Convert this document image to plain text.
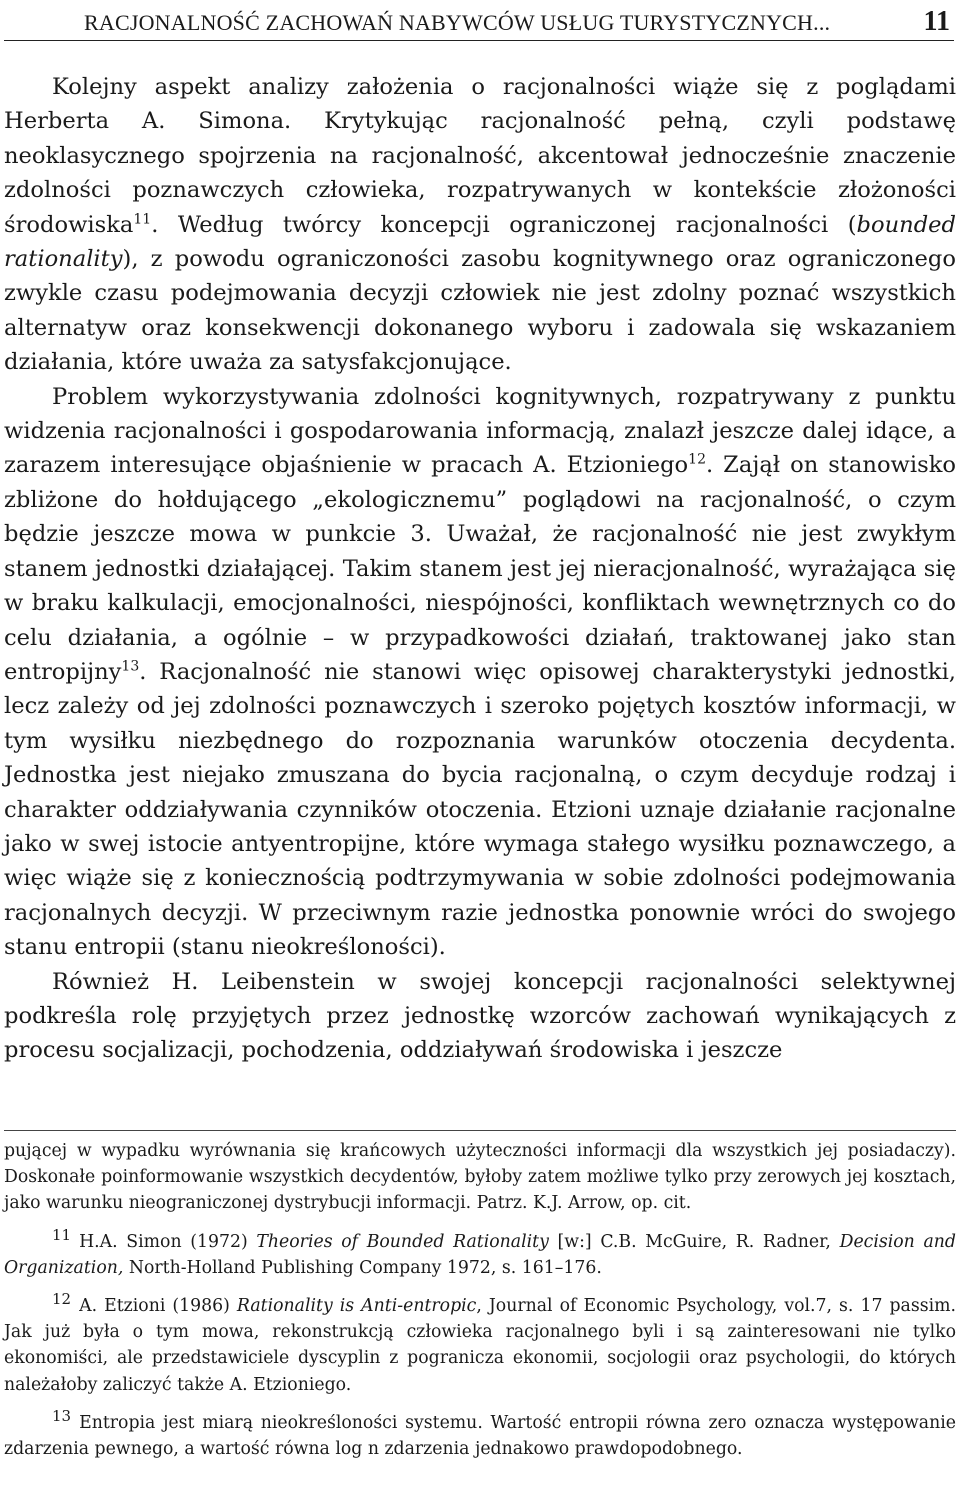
RACJONALNOŚĆ ZACHOWAŃ NABYWCÓW USŁUG TURYSTYCZNYCH...	11

Kolejny aspekt analizy założenia o racjonalności wiąże się z poglądami Herberta A. Simona. Krytykując racjonalność pełną, czyli podstawę neoklasycznego spojrzenia na racjonalność, akcentował jednocześnie znaczenie zdolności poznawczych człowieka, rozpatrywanych w kontekście złożoności środowiska$^{11}$. Według twórcy koncepcji ograniczonej racjonalności (bounded rationality), z powodu ograniczoności zasobu kognitywnego oraz ograniczonego zwykle czasu podejmowania decyzji człowiek nie jest zdolny poznać wszystkich alternatyw oraz konsekwencji dokonanego wyboru i zadowala się wskazaniem działania, które uważa za satysfakcjonujące.

Problem wykorzystywania zdolności kognitywnych, rozpatrywany z punktu widzenia racjonalności i gospodarowania informacją, znalazł jeszcze dalej idące, a zarazem interesujące objaśnienie w pracach A. Etzioniego$^{12}$. Zajął on stanowisko zbliżone do hołdującego „ekologicznemu” poglądowi na racjonalność, o czym będzie jeszcze mowa w punkcie 3. Uważał, że racjonalność nie jest zwykłym stanem jednostki działającej. Takim stanem jest jej nieracjonalność, wyrażająca się w braku kalkulacji, emocjonalności, niespójności, konfliktach wewnętrznych co do celu działania, a ogólnie – w przypadkowości działań, traktowanej jako stan entropijny$^{13}$. Racjonalność nie stanowi więc opisowej charakterystyki jednostki, lecz zależy od jej zdolności poznawczych i szeroko pojętych kosztów informacji, w tym wysiłku niezbędnego do rozpoznania warunków otoczenia decydenta. Jednostka jest niejako zmuszana do bycia racjonalną, o czym decyduje rodzaj i charakter oddziaływania czynników otoczenia. Etzioni uznaje działanie racjonalne jako w swej istocie antyentropijne, które wymaga stałego wysiłku poznawczego, a więc wiąże się z koniecznością podtrzymywania w sobie zdolności podejmowania racjonalnych decyzji. W przeciwnym razie jednostka ponownie wróci do swojego stanu entropii (stanu nieokreśloności).

Również H. Leibenstein w swojej koncepcji racjonalności selektywnej podkreśla rolę przyjętych przez jednostkę wzorców zachowań wynikających z procesu socjalizacji, pochodzenia, oddziaływań środowiska i jeszcze

pującej w wypadku wyrównania się krańcowych użyteczności informacji dla wszystkich jej posiadaczy). Doskonałe poinformowanie wszystkich decydentów, byłoby zatem możliwe tylko przy zerowych jej kosztach, jako warunku nieograniczonej dystrybucji informacji. Patrz. K.J. Arrow, op. cit.

$^{11}$ H.A. Simon (1972) Theories of Bounded Rationality [w:] C.B. McGuire, R. Radner, Decision and Organization, North-Holland Publishing Company 1972, s. 161–176.

$^{12}$ A. Etzioni (1986) Rationality is Anti-entropic, Journal of Economic Psychology, vol.7, s. 17 passim. Jak już była o tym mowa, rekonstrukcją człowieka racjonalnego byli i są zainteresowani nie tylko ekonomiści, ale przedstawiciele dyscyplin z pogranicza ekonomii, socjologii oraz psychologii, do których należałoby zaliczyć także A. Etzioniego.

$^{13}$ Entropia jest miarą nieokreśloności systemu. Wartość entropii równa zero oznacza występowanie zdarzenia pewnego, a wartość równa log n zdarzenia jednakowo prawdopodobnego.
